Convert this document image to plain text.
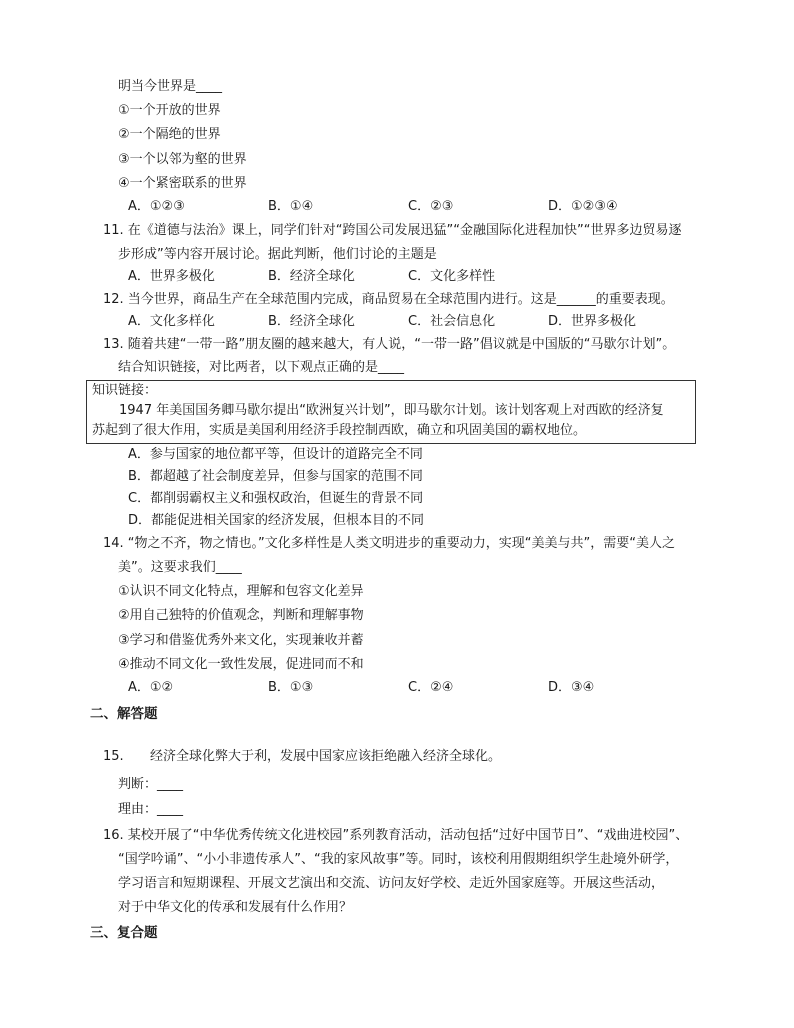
明当今世界是____
①一个开放的世界
②一个隔绝的世界
③一个以邻为壑的世界
④一个紧密联系的世界
A．①②③	B．①④	C．②③	D．①②③④
11. 在《道德与法治》课上，同学们针对“跨国公司发展迅猛”“金融国际化进程加快”“世界多边贸易逐
步形成”等内容开展讨论。据此判断，他们讨论的主题是
A．世界多极化	B．经济全球化	C．文化多样性
12. 当今世界，商品生产在全球范围内完成，商品贸易在全球范围内进行。这是______的重要表现。
A．文化多样化	B．经济全球化	C．社会信息化	D．世界多极化
13. 随着共建“一带一路”朋友圈的越来越大，有人说，“一带一路”倡议就是中国版的“马歇尔计划”。
结合知识链接，对比两者，以下观点正确的是____
知识链接：
1947 年美国国务卿马歇尔提出“欧洲复兴计划”，即马歇尔计划。该计划客观上对西欧的经济复
苏起到了很大作用，实质是美国利用经济手段控制西欧，确立和巩固美国的霸权地位。
A．参与国家的地位都平等，但设计的道路完全不同
B．都超越了社会制度差异，但参与国家的范围不同
C．都削弱霸权主义和强权政治，但诞生的背景不同
D．都能促进相关国家的经济发展，但根本目的不同
14. “物之不齐，物之情也。”文化多样性是人类文明进步的重要动力，实现“美美与共”，需要“美人之
美”。这要求我们____
①认识不同文化特点，理解和包容文化差异
②用自己独特的价值观念，判断和理解事物
③学习和借鉴优秀外来文化，实现兼收并蓄
④推动不同文化一致性发展，促进同而不和
A．①②	B．①③	C．②④	D．③④
二、解答题
15. 经济全球化弊大于利，发展中国家应该拒绝融入经济全球化。
判断：____
理由：____
16. 某校开展了“中华优秀传统文化进校园”系列教育活动，活动包括“过好中国节日”、“戏曲进校园”、
“国学吟诵”、“小小非遗传承人”、“我的家风故事”等。同时，该校利用假期组织学生赴境外研学，
学习语言和短期课程、开展文艺演出和交流、访问友好学校、走近外国家庭等。开展这些活动，
对于中华文化的传承和发展有什么作用？
三、复合题
